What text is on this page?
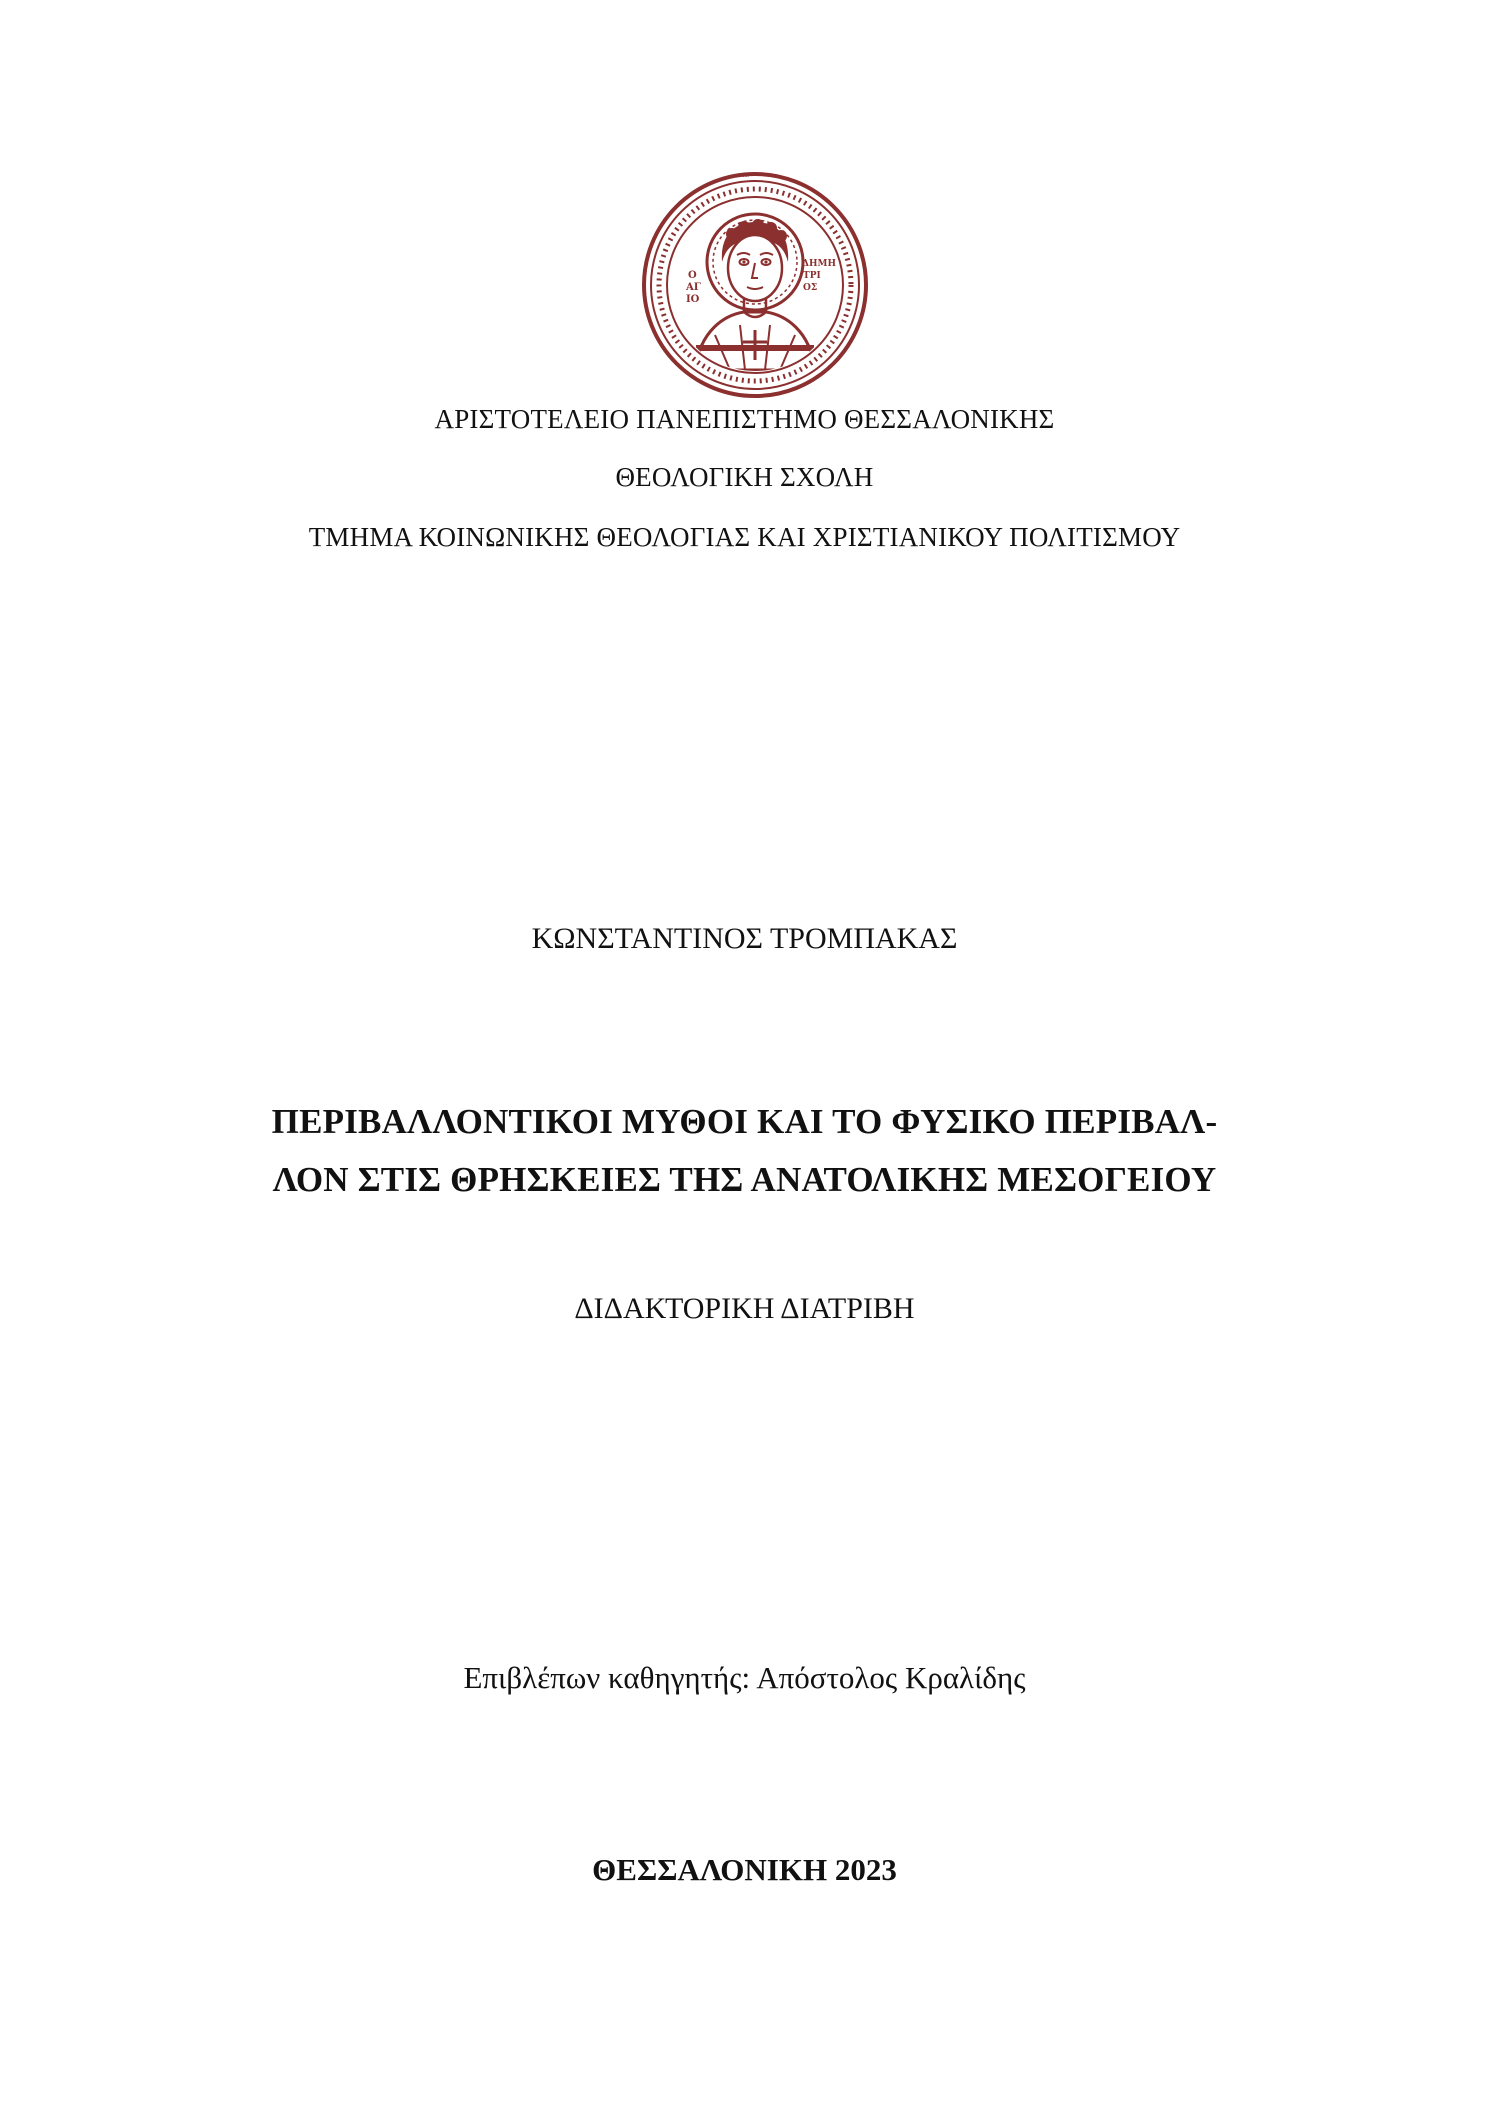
ᵀᵐ
Ο
ΑΓ
ΙΟ
ΔΗΜΗ
ΤΡΙ
ΟΣ
ΑΡΙΣΤΟΤΕΛΕΙΟ ΠΑΝΕΠΙΣΤΗΜΟ ΘΕΣΣΑΛΟΝΙΚΗΣ
ΘΕΟΛΟΓΙΚΗ ΣΧΟΛΗ
ΤΜΗΜΑ ΚΟΙΝΩΝΙΚΗΣ ΘΕΟΛΟΓΙΑΣ ΚΑΙ ΧΡΙΣΤΙΑΝΙΚΟΥ ΠΟΛΙΤΙΣΜΟΥ
ΚΩΝΣΤΑΝΤΙΝΟΣ ΤΡΟΜΠΑΚΑΣ
ΠΕΡΙΒΑΛΛΟΝΤΙΚΟΙ ΜΥΘΟΙ ΚΑΙ ΤΟ ΦΥΣΙΚΟ ΠΕΡΙΒΑΛ-
ΛΟΝ ΣΤΙΣ ΘΡΗΣΚΕΙΕΣ ΤΗΣ ΑΝΑΤΟΛΙΚΗΣ ΜΕΣΟΓΕΙΟΥ
ΔΙΔΑΚΤΟΡΙΚΗ ΔΙΑΤΡΙΒΗ
Επιβλέπων καθηγητής: Απόστολος Κραλίδης
ΘΕΣΣΑΛΟΝΙΚΗ 2023
